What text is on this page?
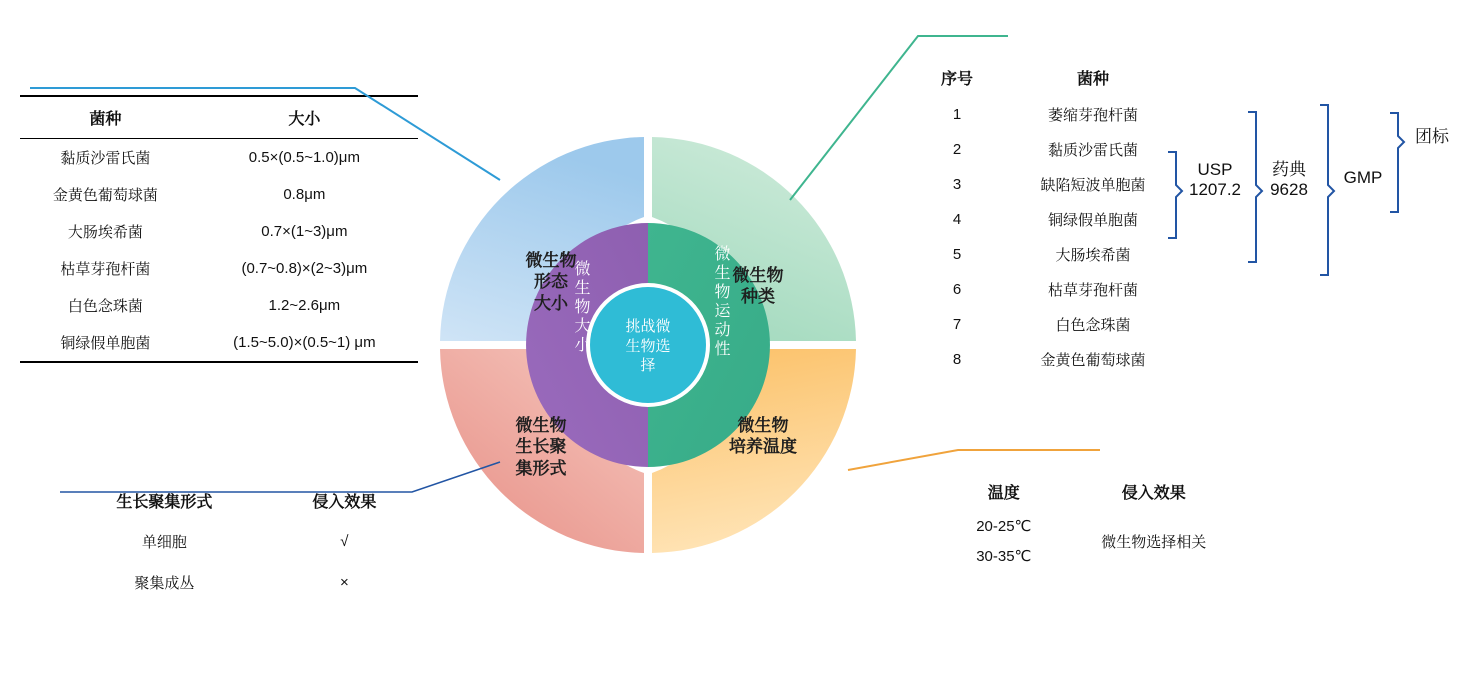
菌种	大小
黏质沙雷氏菌	0.5×(0.5~1.0)μm
金黄色葡萄球菌	0.8μm
大肠埃希菌	0.7×(1~3)μm
枯草芽孢杆菌	(0.7~0.8)×(2~3)μm
白色念珠菌	1.2~2.6μm
铜绿假单胞菌	(1.5~5.0)×(0.5~1) μm
生长聚集形式	侵入效果
单细胞	√
聚集成丛	×
微生物
形态
大小
微生物
种类
微生物
培养温度
微生物
生长聚
集形式
微生物大小	微生物运动性
挑战微
生物选
择
序号	菌种
1	萎缩芽孢杆菌
2	黏质沙雷氏菌
3	缺陷短波单胞菌
4	铜绿假单胞菌
5	大肠埃希菌
6	枯草芽孢杆菌
7	白色念珠菌
8	金黄色葡萄球菌
温度	侵入效果
20-25℃	微生物选择相关
30-35℃	
USP
1207.2
药典
9628
GMP
团标
